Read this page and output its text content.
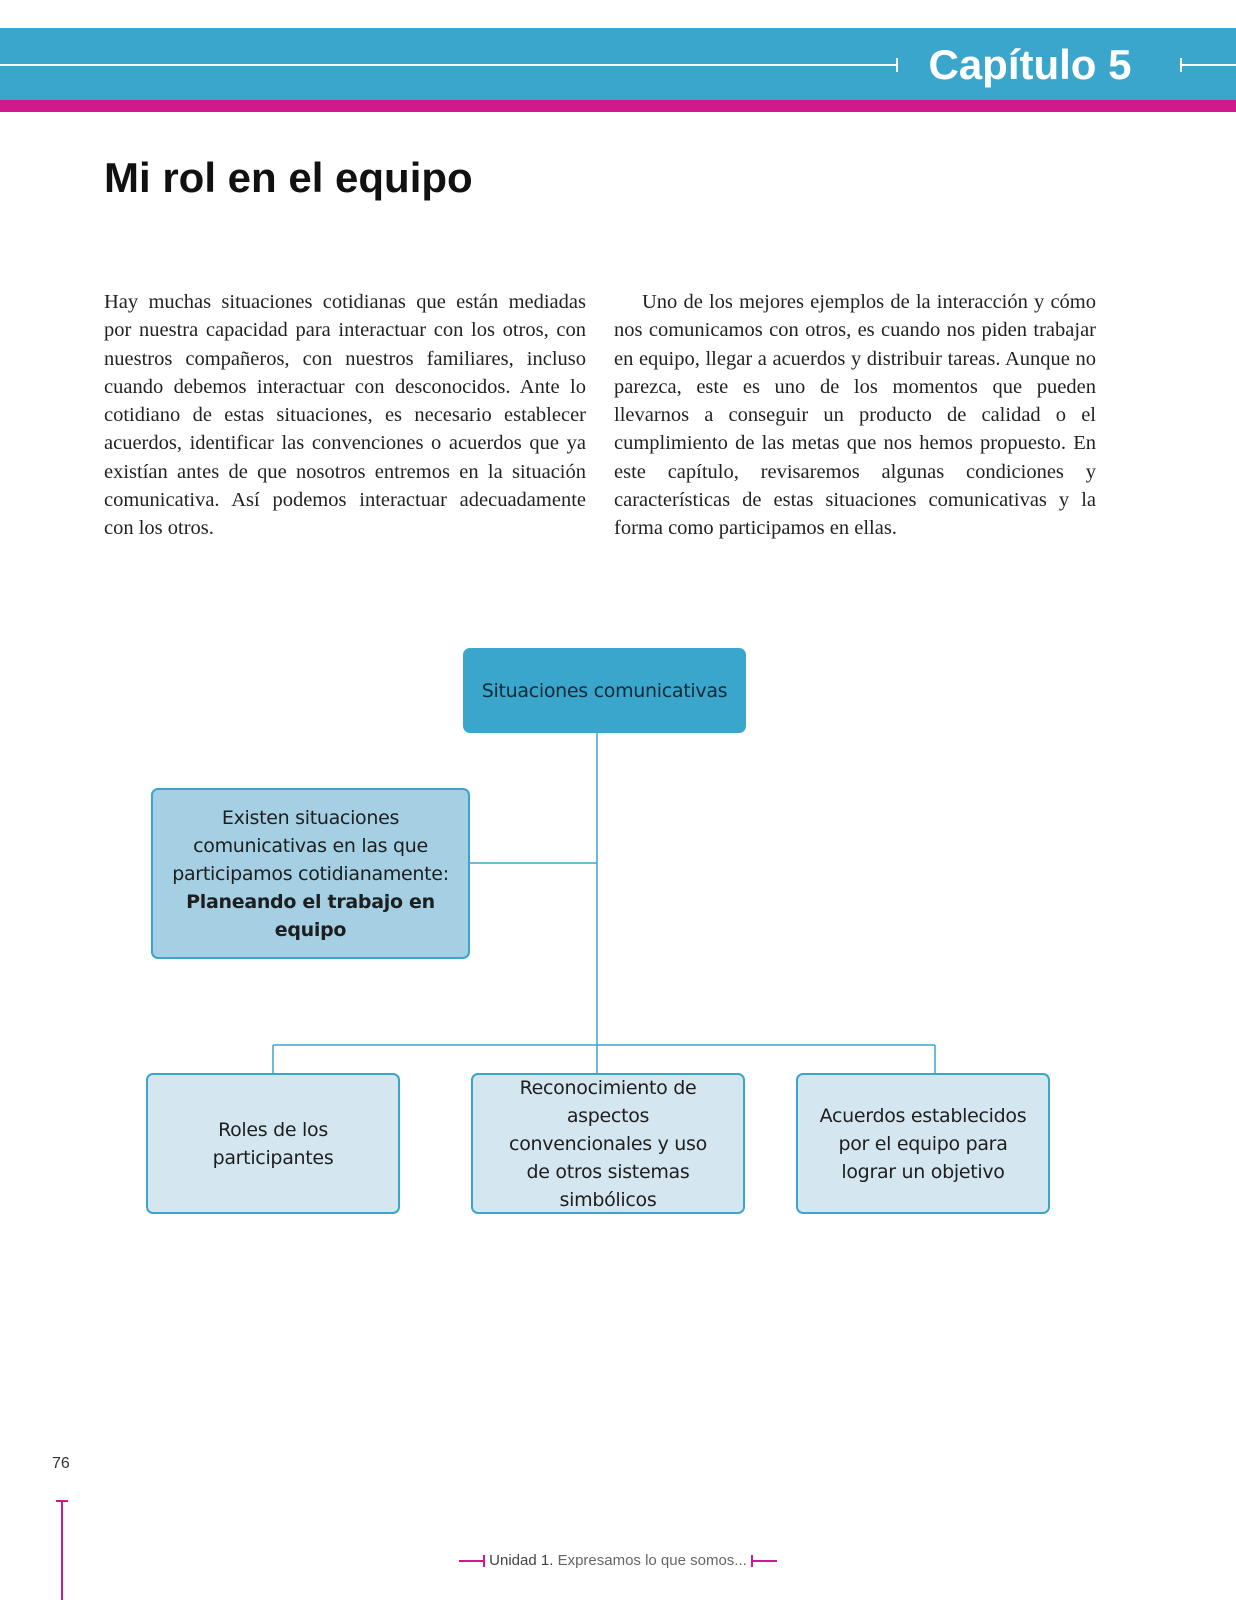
Capítulo 5
Mi rol en el equipo

Hay muchas situaciones cotidianas que están mediadas por nuestra capacidad para interactuar con los otros, con nuestros compañeros, con nuestros familiares, incluso cuando debemos interactuar con desconocidos. Ante lo cotidiano de estas situaciones, es necesario establecer acuerdos, identificar las convenciones o acuerdos que ya existían antes de que nosotros entremos en la situación comunicativa. Así podemos interactuar adecuadamente con los otros.

Uno de los mejores ejemplos de la interacción y cómo nos comunicamos con otros, es cuando nos piden trabajar en equipo, llegar a acuerdos y distribuir tareas. Aunque no parezca, este es uno de los momentos que pueden llevarnos a conseguir un producto de calidad o el cumplimiento de las metas que nos hemos propuesto. En este capítulo, revisaremos algunas condiciones y características de estas situaciones comunicativas y la forma como participamos en ellas.

Situaciones comunicativas
Existen situaciones comunicativas en las que participamos cotidianamente: Planeando el trabajo en equipo
Roles de los participantes
Reconocimiento de aspectos convencionales y uso de otros sistemas simbólicos
Acuerdos establecidos por el equipo para lograr un objetivo
76
Unidad 1. Expresamos lo que somos...
